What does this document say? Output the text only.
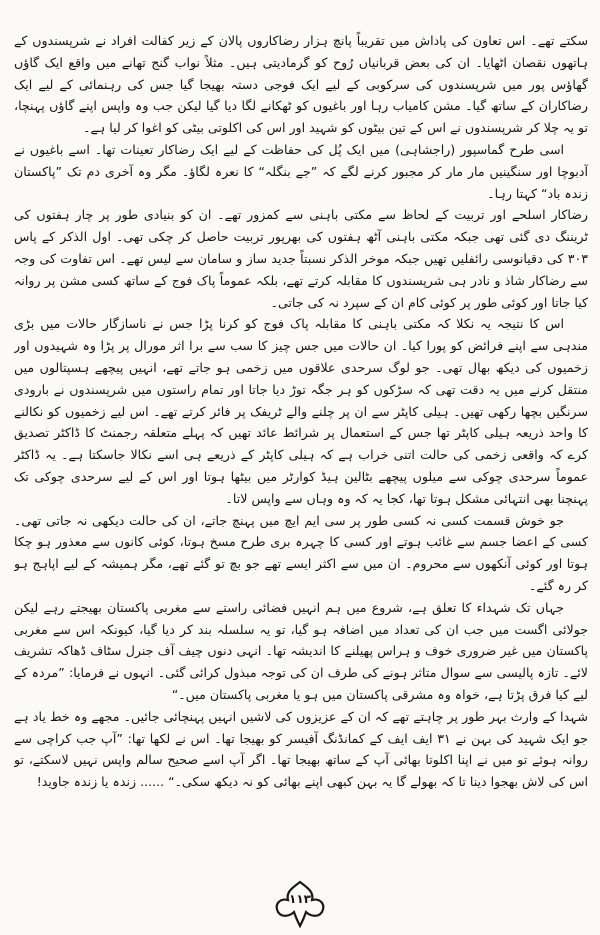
سکتے تھے۔ اس تعاون کی پاداش میں تقریباً پانچ ہزار رضاکاروں پالان کے زیر کفالت افراد نے شرپسندوں کے ہاتھوں نقصان اٹھایا۔ ان کی بعض قربانیاں رُوح کو گرمادیتی ہیں۔ مثلاً نواب گنج تھانے میں واقع ایک گاؤں گھاؤس پور میں شرپسندوں کی سرکوبی کے لیے ایک فوجی دستہ بھیجا گیا جس کی رہنمائی کے لیے ایک رضاکاران کے ساتھ گیا۔ مشن کامیاب رہا اور باغیوں کو ٹھکانے لگا دیا گیا لیکن جب وہ واپس اپنے گاؤں پہنچا، تو یہ چلا کر شرپسندوں نے اس کے تین بیٹوں کو شہید اور اس کی اکلوتی بیٹی کو اغوا کر لیا ہے۔

اسی طرح گماسپور (راجشاہی) میں ایک پُل کی حفاظت کے لیے ایک رضاکار تعینات تھا۔ اسے باغیوں نے آدبوچا اور سنگینیں مار مار کر مجبور کرنے لگے کہ ”جے بنگلہ“ کا نعرہ لگاؤ۔ مگر وہ آخری دم تک ”پاکستان زندہ باد“ کہتا رہا۔

رضاکار اسلحے اور تربیت کے لحاظ سے مکتی باہنی سے کمزور تھے۔ ان کو بنیادی طور پر چار ہفتوں کی ٹریننگ دی گئی تھی جبکہ مکتی باہنی آٹھ ہفتوں کی بھرپور تربیت حاصل کر چکی تھی۔ اول الذکر کے پاس ۳۰۳ کی دقیانوسی رائفلیں تھیں جبکہ موخر الذکر نسبتاً جدید ساز و سامان سے لیس تھے۔ اس تفاوت کی وجہ سے رضاکار شاذ و نادر ہی شرپسندوں کا مقابلہ کرتے تھے، بلکہ عموماً پاک فوج کے ساتھ کسی مشن پر روانہ کیا جاتا اور کوئی طور پر کوئی کام ان کے سپرد نہ کی جاتی۔

اس کا نتیجہ یہ نکلا کہ مکتی باہنی کا مقابلہ پاک فوج کو کرنا پڑا جس نے ناسازگار حالات میں بڑی مندہی سے اپنے فرائض کو پورا کیا۔ ان حالات میں جس چیز کا سب سے برا اثر مورال پر پڑا وہ شہیدوں اور زخمیوں کی دیکھ بھال تھی۔ جو لوگ سرحدی علاقوں میں زخمی ہو جاتے تھے، انہیں پیچھے ہسپتالوں میں منتقل کرنے میں یہ دقت تھی کہ سڑکوں کو ہر جگہ توڑ دیا جاتا اور تمام راستوں میں شرپسندوں نے بارودی سرنگیں بچھا رکھی تھیں۔ ہیلی کاپٹر سے ان پر چلنے والے ٹریفک پر فائر کرتے تھے۔ اس لیے زخمیوں کو نکالنے کا واحد ذریعہ ہیلی کاپٹر تھا جس کے استعمال پر شرائط عائد تھیں کہ پہلے متعلقہ رجمنٹ کا ڈاکٹر تصدیق کرے کہ واقعی زخمی کی حالت اتنی خراب ہے کہ ہیلی کاپٹر کے ذریعے ہی اسے نکالا جاسکتا ہے۔ یہ ڈاکٹر عموماً سرحدی چوکی سے میلوں پیچھے بٹالین ہیڈ کوارٹر میں بیٹھا ہوتا اور اس کے لیے سرحدی چوکی تک پہنچنا بھی انتہائی مشکل ہوتا تھا، کجا یہ کہ وہ وہاں سے واپس لاتا۔

جو خوش قسمت کسی نہ کسی طور پر سی ایم ایچ میں پہنچ جاتے، ان کی حالت دیکھی نہ جاتی تھی۔ کسی کے اعضا جسم سے غائب ہوتے اور کسی کا چہرہ بری طرح مسخ ہوتا، کوئی کانوں سے معذور ہو چکا ہوتا اور کوئی آنکھوں سے محروم۔ ان میں سے اکثر ایسے تھے جو بچ تو گئے تھے، مگر ہمیشہ کے لیے اپاہج ہو کر رہ گئے۔

جہاں تک شہداء کا تعلق ہے، شروع میں ہم انہیں فضائی راستے سے مغربی پاکستان بھیجتے رہے لیکن جولائی اگست میں جب ان کی تعداد میں اضافہ ہو گیا، تو یہ سلسلہ بند کر دیا گیا، کیونکہ اس سے مغربی پاکستان میں غیر ضروری خوف و ہراس پھیلنے کا اندیشہ تھا۔ انہی دنوں چیف آف جنرل سٹاف ڈھاکہ تشریف لائے۔ تازہ پالیسی سے سوال متاثر ہونے کی طرف ان کی توجہ مبذول کرائی گئی۔ انہوں نے فرمایا: ”مردہ کے لیے کیا فرق پڑتا ہے، خواہ وہ مشرقی پاکستان میں ہو یا مغربی پاکستان میں۔“

شہدا کے وارث بہر طور پر چاہتے تھے کہ ان کے عزیزوں کی لاشیں انہیں پہنچائی جائیں۔ مجھے وہ خط یاد ہے جو ایک شہید کی بہن نے ۳۱ ایف ایف کے کمانڈنگ آفیسر کو بھیجا تھا۔ اس نے لکھا تھا: ”آپ جب کراچی سے روانہ ہوئے تو میں نے اپنا اکلوتا بھائی آپ کے ساتھ بھیجا تھا۔ اگر آپ اسے صحیح سالم واپس نہیں لاسکتے، تو اس کی لاش بھجوا دینا تا کہ بھولے گا یہ بہن کبھی اپنے بھائی کو نہ دیکھ سکی۔“ ...... زندہ یا زندہ جاوید!

۱۱۳
